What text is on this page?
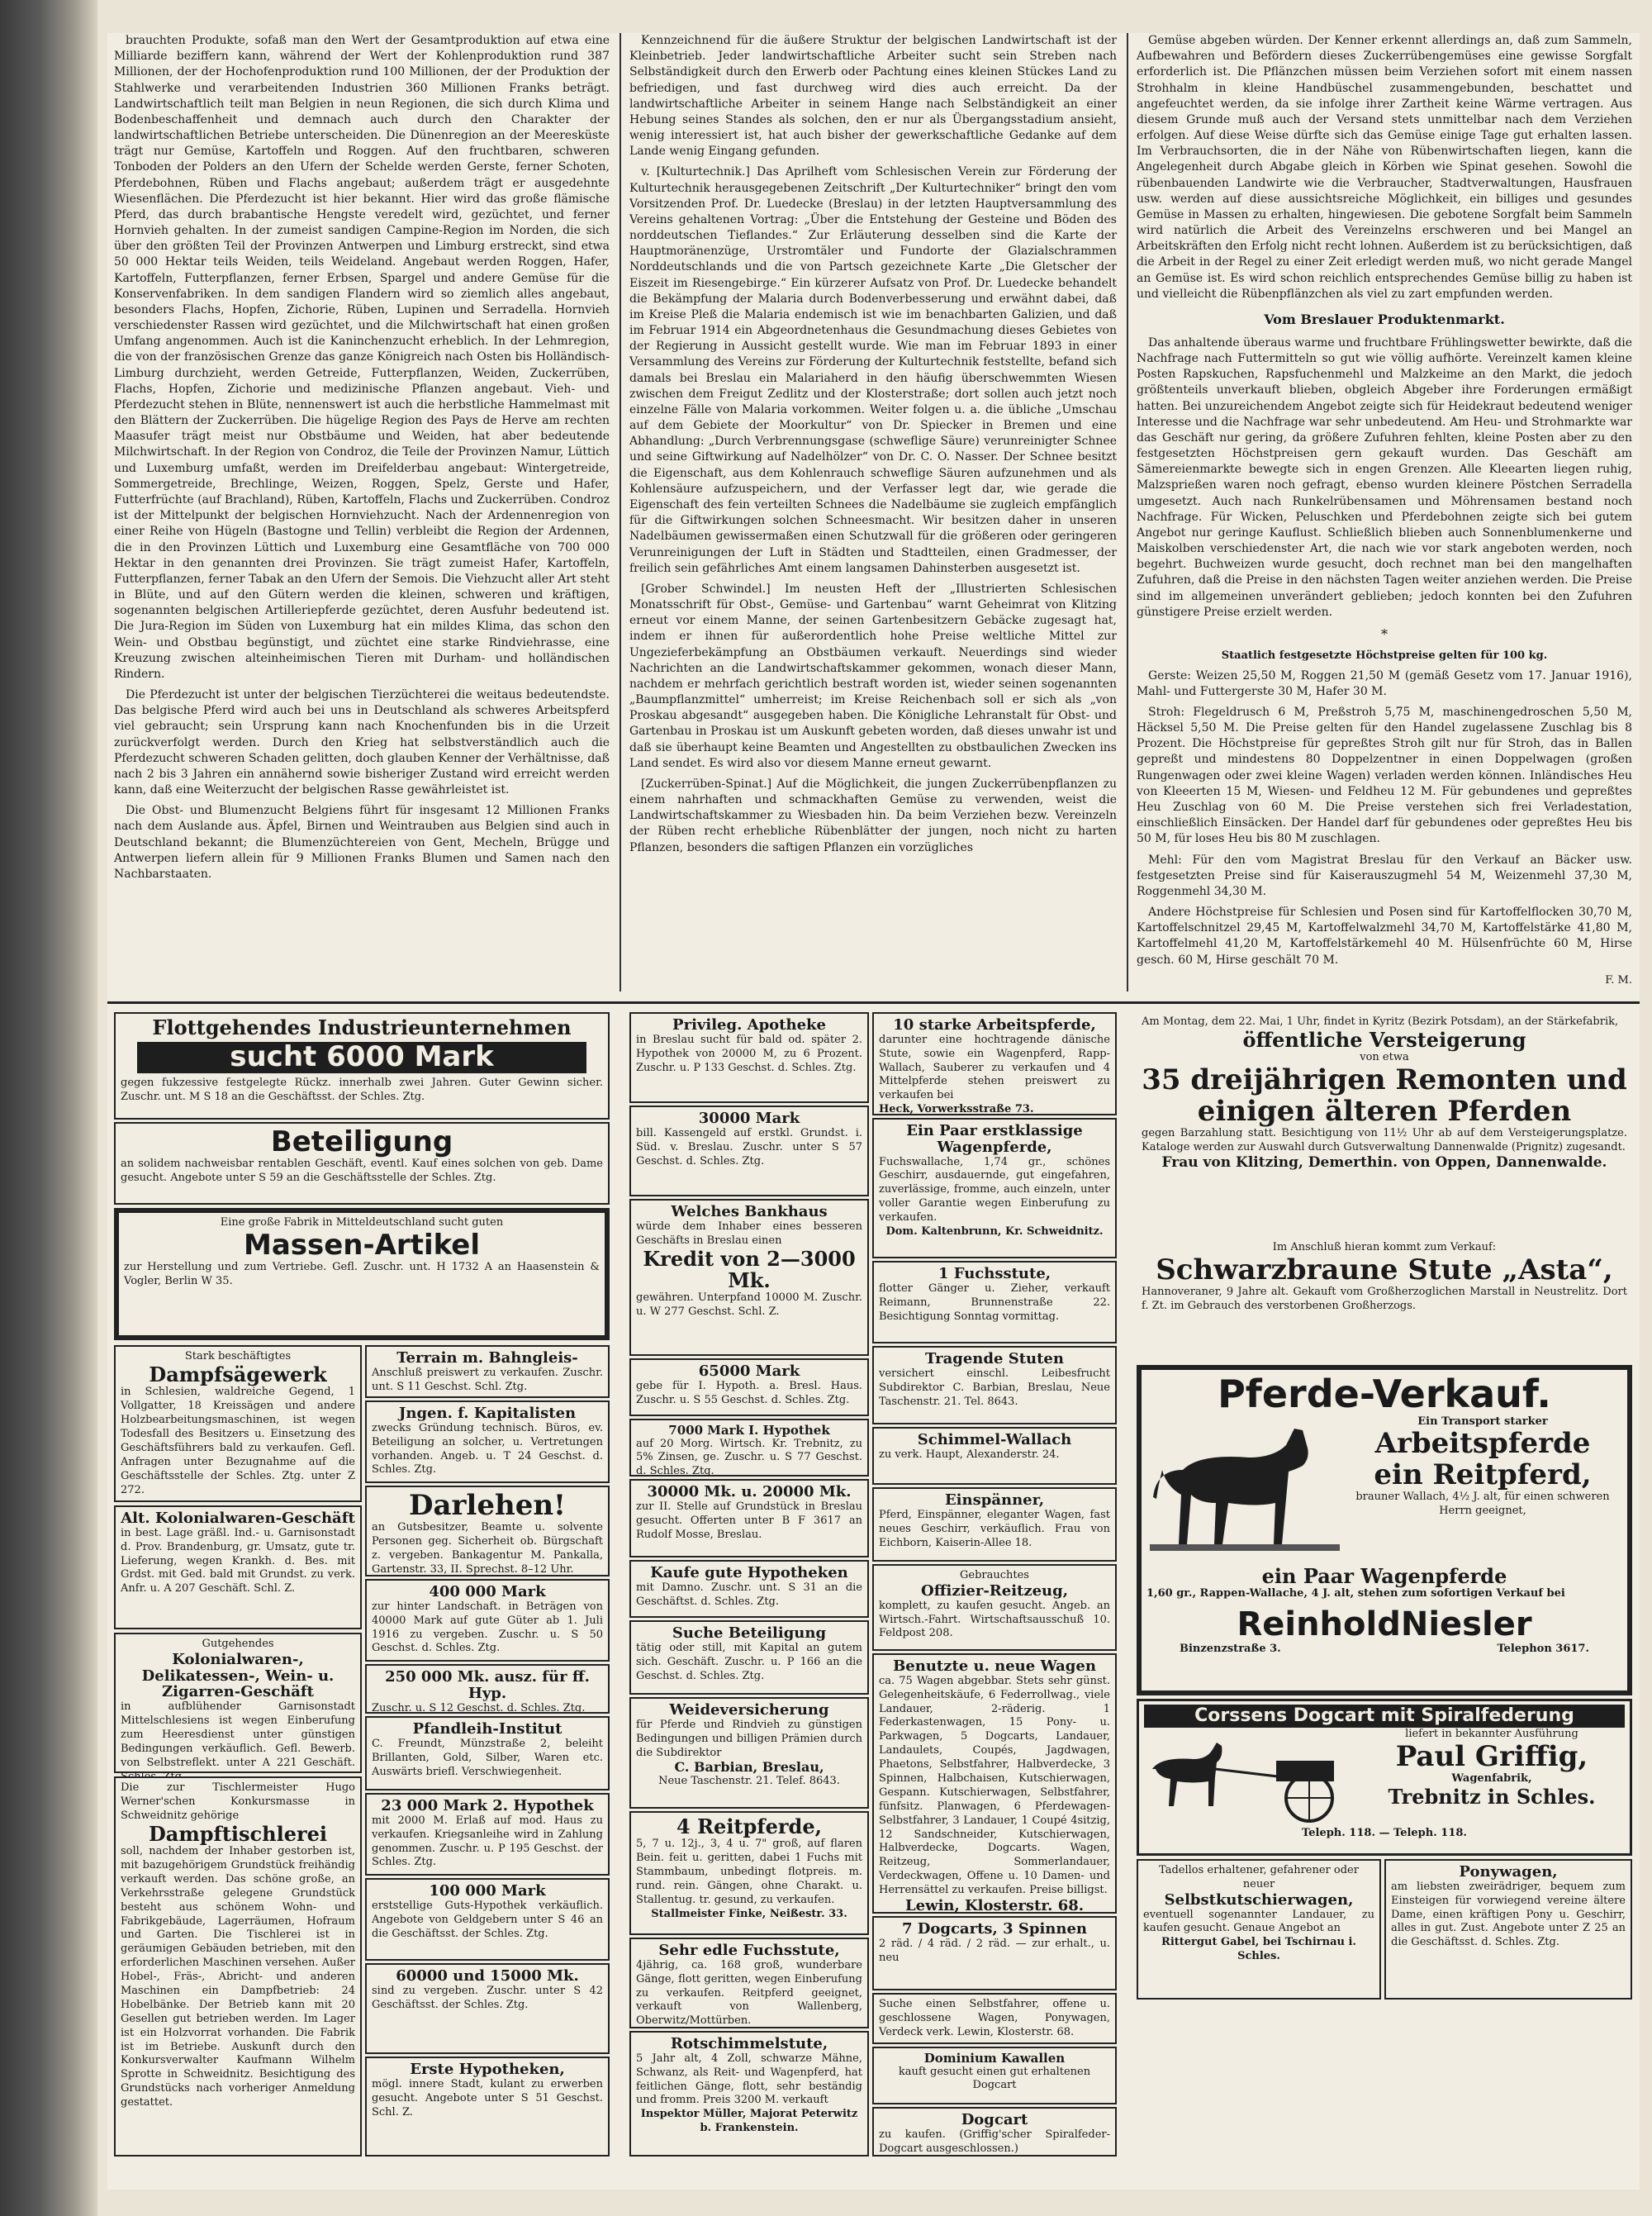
brauchten Produkte, sofaß man den Wert der Gesamtproduktion auf etwa eine Milliarde beziffern kann, während der Wert der Kohlenproduktion rund 387 Millionen, der der Hochofenproduktion rund 100 Millionen, der der Produktion der Stahlwerke und verarbeitenden Industrien 360 Millionen Franks beträgt. Landwirtschaftlich teilt man Belgien in neun Regionen, die sich durch Klima und Bodenbeschaffenheit und demnach auch durch den Charakter der landwirtschaftlichen Betriebe unterscheiden. Die Dünenregion an der Meeresküste trägt nur Gemüse, Kartoffeln und Roggen. Auf den fruchtbaren, schweren Tonboden der Polders an den Ufern der Schelde werden Gerste, ferner Schoten, Pferdebohnen, Rüben und Flachs angebaut; außerdem trägt er ausgedehnte Wiesenflächen. Die Pferdezucht ist hier bekannt. Hier wird das große flämische Pferd, das durch brabantische Hengste veredelt wird, gezüchtet, und ferner Hornvieh gehalten. In der zumeist sandigen Campine-Region im Norden, die sich über den größten Teil der Provinzen Antwerpen und Limburg erstreckt, sind etwa 50 000 Hektar teils Weiden, teils Weideland. Angebaut werden Roggen, Hafer, Kartoffeln, Futterpflanzen, ferner Erbsen, Spargel und andere Gemüse für die Konservenfabriken. In dem sandigen Flandern wird so ziemlich alles angebaut, besonders Flachs, Hopfen, Zichorie, Rüben, Lupinen und Serradella. Hornvieh verschiedenster Rassen wird gezüchtet, und die Milchwirtschaft hat einen großen Umfang angenommen. Auch ist die Kaninchenzucht erheblich. In der Lehmregion, die von der französischen Grenze das ganze Königreich nach Osten bis Holländisch-Limburg durchzieht, werden Getreide, Futterpflanzen, Weiden, Zuckerrüben, Flachs, Hopfen, Zichorie und medizinische Pflanzen angebaut. Vieh- und Pferdezucht stehen in Blüte, nennenswert ist auch die herbstliche Hammelmast mit den Blättern der Zuckerrüben. Die hügelige Region des Pays de Herve am rechten Maasufer trägt meist nur Obstbäume und Weiden, hat aber bedeutende Milchwirtschaft. In der Region von Condroz, die Teile der Provinzen Namur, Lüttich und Luxemburg umfaßt, werden im Dreifelderbau angebaut: Wintergetreide, Sommergetreide, Brechlinge, Weizen, Roggen, Spelz, Gerste und Hafer, Futterfrüchte (auf Brachland), Rüben, Kartoffeln, Flachs und Zuckerrüben. Condroz ist der Mittelpunkt der belgischen Hornviehzucht. Nach der Ardennenregion von einer Reihe von Hügeln (Bastogne und Tellin) verbleibt die Region der Ardennen, die in den Provinzen Lüttich und Luxemburg eine Gesamtfläche von 700 000 Hektar in den genannten drei Provinzen. Sie trägt zumeist Hafer, Kartoffeln, Futterpflanzen, ferner Tabak an den Ufern der Semois. Die Viehzucht aller Art steht in Blüte, und auf den Gütern werden die kleinen, schweren und kräftigen, sogenannten belgischen Artilleriepferde gezüchtet, deren Ausfuhr bedeutend ist. Die Jura-Region im Süden von Luxemburg hat ein mildes Klima, das schon den Wein- und Obstbau begünstigt, und züchtet eine starke Rindviehrasse, eine Kreuzung zwischen alteinheimischen Tieren mit Durham- und holländischen Rindern.

Die Pferdezucht ist unter der belgischen Tierzüchterei die weitaus bedeutendste. Das belgische Pferd wird auch bei uns in Deutschland als schweres Arbeitspferd viel gebraucht; sein Ursprung kann nach Knochenfunden bis in die Urzeit zurückverfolgt werden. Durch den Krieg hat selbstverständlich auch die Pferdezucht schweren Schaden gelitten, doch glauben Kenner der Verhältnisse, daß nach 2 bis 3 Jahren ein annähernd sowie bisheriger Zustand wird erreicht werden kann, daß eine Weiterzucht der belgischen Rasse gewährleistet ist.

Die Obst- und Blumenzucht Belgiens führt für insgesamt 12 Millionen Franks nach dem Auslande aus. Äpfel, Birnen und Weintrauben aus Belgien sind auch in Deutschland bekannt; die Blumenzüchtereien von Gent, Mecheln, Brügge und Antwerpen liefern allein für 9 Millionen Franks Blumen und Samen nach den Nachbarstaaten.

Kennzeichnend für die äußere Struktur der belgischen Landwirtschaft ist der Kleinbetrieb. Jeder landwirtschaftliche Arbeiter sucht sein Streben nach Selbständigkeit durch den Erwerb oder Pachtung eines kleinen Stückes Land zu befriedigen, und fast durchweg wird dies auch erreicht. Da der landwirtschaftliche Arbeiter in seinem Hange nach Selbständigkeit an einer Hebung seines Standes als solchen, den er nur als Übergangsstadium ansieht, wenig interessiert ist, hat auch bisher der gewerkschaftliche Gedanke auf dem Lande wenig Eingang gefunden.

v. [Kulturtechnik.] Das Aprilheft vom Schlesischen Verein zur Förderung der Kulturtechnik herausgegebenen Zeitschrift „Der Kulturtechniker“ bringt den vom Vorsitzenden Prof. Dr. Luedecke (Breslau) in der letzten Hauptversammlung des Vereins gehaltenen Vortrag: „Über die Entstehung der Gesteine und Böden des norddeutschen Tieflandes.“ Zur Erläuterung desselben sind die Karte der Hauptmoränenzüge, Urstromtäler und Fundorte der Glazialschrammen Norddeutschlands und die von Partsch gezeichnete Karte „Die Gletscher der Eiszeit im Riesengebirge.“ Ein kürzerer Aufsatz von Prof. Dr. Luedecke behandelt die Bekämpfung der Malaria durch Bodenverbesserung und erwähnt dabei, daß im Kreise Pleß die Malaria endemisch ist wie im benachbarten Galizien, und daß im Februar 1914 ein Abgeordnetenhaus die Gesundmachung dieses Gebietes von der Regierung in Aussicht gestellt wurde. Wie man im Februar 1893 in einer Versammlung des Vereins zur Förderung der Kulturtechnik feststellte, befand sich damals bei Breslau ein Malariaherd in den häufig überschwemmten Wiesen zwischen dem Freigut Zedlitz und der Klosterstraße; dort sollen auch jetzt noch einzelne Fälle von Malaria vorkommen. Weiter folgen u. a. die übliche „Umschau auf dem Gebiete der Moorkultur“ von Dr. Spiecker in Bremen und eine Abhandlung: „Durch Verbrennungsgase (schweflige Säure) verunreinigter Schnee und seine Giftwirkung auf Nadelhölzer“ von Dr. C. O. Nasser. Der Schnee besitzt die Eigenschaft, aus dem Kohlenrauch schweflige Säuren aufzunehmen und als Kohlensäure aufzuspeichern, und der Verfasser legt dar, wie gerade die Eigenschaft des fein verteilten Schnees die Nadelbäume sie zugleich empfänglich für die Giftwirkungen solchen Schneesmacht. Wir besitzen daher in unseren Nadelbäumen gewissermaßen einen Schutzwall für die größeren oder geringeren Verunreinigungen der Luft in Städten und Stadtteilen, einen Gradmesser, der freilich sein gefährliches Amt einem langsamen Dahinsterben ausgesetzt ist.

[Grober Schwindel.] Im neusten Heft der „Illustrierten Schlesischen Monatsschrift für Obst-, Gemüse- und Gartenbau“ warnt Geheimrat von Klitzing erneut vor einem Manne, der seinen Gartenbesitzern Gebäcke zugesagt hat, indem er ihnen für außerordentlich hohe Preise weltliche Mittel zur Ungezieferbekämpfung an Obstbäumen verkauft. Neuerdings sind wieder Nachrichten an die Landwirtschaftskammer gekommen, wonach dieser Mann, nachdem er mehrfach gerichtlich bestraft worden ist, wieder seinen sogenannten „Baumpflanzmittel“ umherreist; im Kreise Reichenbach soll er sich als „von Proskau abgesandt“ ausgegeben haben. Die Königliche Lehranstalt für Obst- und Gartenbau in Proskau ist um Auskunft gebeten worden, daß dieses unwahr ist und daß sie überhaupt keine Beamten und Angestellten zu obstbaulichen Zwecken ins Land sendet. Es wird also vor diesem Manne erneut gewarnt.

[Zuckerrüben-Spinat.] Auf die Möglichkeit, die jungen Zuckerrübenpflanzen zu einem nahrhaften und schmackhaften Gemüse zu verwenden, weist die Landwirtschaftskammer zu Wiesbaden hin. Da beim Verziehen bezw. Vereinzeln der Rüben recht erhebliche Rübenblätter der jungen, noch nicht zu harten Pflanzen, besonders die saftigen Pflanzen ein vorzügliches

Gemüse abgeben würden. Der Kenner erkennt allerdings an, daß zum Sammeln, Aufbewahren und Befördern dieses Zuckerrübengemüses eine gewisse Sorgfalt erforderlich ist. Die Pflänzchen müssen beim Verziehen sofort mit einem nassen Strohhalm in kleine Handbüschel zusammengebunden, beschattet und angefeuchtet werden, da sie infolge ihrer Zartheit keine Wärme vertragen. Aus diesem Grunde muß auch der Versand stets unmittelbar nach dem Verziehen erfolgen. Auf diese Weise dürfte sich das Gemüse einige Tage gut erhalten lassen. Im Verbrauchsorten, die in der Nähe von Rübenwirtschaften liegen, kann die Angelegenheit durch Abgabe gleich in Körben wie Spinat gesehen. Sowohl die rübenbauenden Landwirte wie die Verbraucher, Stadtverwaltungen, Hausfrauen usw. werden auf diese aussichtsreiche Möglichkeit, ein billiges und gesundes Gemüse in Massen zu erhalten, hingewiesen. Die gebotene Sorgfalt beim Sammeln wird natürlich die Arbeit des Vereinzelns erschweren und bei Mangel an Arbeitskräften den Erfolg nicht recht lohnen. Außerdem ist zu berücksichtigen, daß die Arbeit in der Regel zu einer Zeit erledigt werden muß, wo nicht gerade Mangel an Gemüse ist. Es wird schon reichlich entsprechendes Gemüse billig zu haben ist und vielleicht die Rübenpflänzchen als viel zu zart empfunden werden.

Vom Breslauer Produktenmarkt.

Das anhaltende überaus warme und fruchtbare Frühlingswetter bewirkte, daß die Nachfrage nach Futtermitteln so gut wie völlig aufhörte. Vereinzelt kamen kleine Posten Rapskuchen, Rapsfuchenmehl und Malzkeime an den Markt, die jedoch größtenteils unverkauft blieben, obgleich Abgeber ihre Forderungen ermäßigt hatten. Bei unzureichendem Angebot zeigte sich für Heidekraut bedeutend weniger Interesse und die Nachfrage war sehr unbedeutend. Am Heu- und Strohmarkte war das Geschäft nur gering, da größere Zufuhren fehlten, kleine Posten aber zu den festgesetzten Höchstpreisen gern gekauft wurden. Das Geschäft am Sämereienmarkte bewegte sich in engen Grenzen. Alle Kleearten liegen ruhig, Malzsprießen waren noch gefragt, ebenso wurden kleinere Pöstchen Serradella umgesetzt. Auch nach Runkelrübensamen und Möhrensamen bestand noch Nachfrage. Für Wicken, Peluschken und Pferdebohnen zeigte sich bei gutem Angebot nur geringe Kauflust. Schließlich blieben auch Sonnenblumenkerne und Maiskolben verschiedenster Art, die nach wie vor stark angeboten werden, noch begehrt. Buchweizen wurde gesucht, doch rechnet man bei den mangelhaften Zufuhren, daß die Preise in den nächsten Tagen weiter anziehen werden. Die Preise sind im allgemeinen unverändert geblieben; jedoch konnten bei den Zufuhren günstigere Preise erzielt werden.

*
Staatlich festgesetzte Höchstpreise gelten für 100 kg.

Gerste: Weizen 25,50 M, Roggen 21,50 M (gemäß Gesetz vom 17. Januar 1916), Mahl- und Futtergerste 30 M, Hafer 30 M.

Stroh: Flegeldrusch 6 M, Preßstroh 5,75 M, maschinengedroschen 5,50 M, Häcksel 5,50 M. Die Preise gelten für den Handel zugelassene Zuschlag bis 8 Prozent. Die Höchstpreise für gepreßtes Stroh gilt nur für Stroh, das in Ballen gepreßt und mindestens 80 Doppelzentner in einen Doppelwagen (großen Rungenwagen oder zwei kleine Wagen) verladen werden können. Inländisches Heu von Kleeerten 15 M, Wiesen- und Feldheu 12 M. Für gebundenes und gepreßtes Heu Zuschlag von 60 M. Die Preise verstehen sich frei Verladestation, einschließlich Einsäcken. Der Handel darf für gebundenes oder gepreßtes Heu bis 50 M, für loses Heu bis 80 M zuschlagen.

Mehl: Für den vom Magistrat Breslau für den Verkauf an Bäcker usw. festgesetzten Preise sind für Kaiserauszugmehl 54 M, Weizenmehl 37,30 M, Roggenmehl 34,30 M.

Andere Höchstpreise für Schlesien und Posen sind für Kartoffelflocken 30,70 M, Kartoffelschnitzel 29,45 M, Kartoffelwalzmehl 34,70 M, Kartoffelstärke 41,80 M, Kartoffelmehl 41,20 M, Kartoffelstärkemehl 40 M. Hülsenfrüchte 60 M, Hirse gesch. 60 M, Hirse geschält 70 M.

F. M.
Flottgehendes Industrieunternehmen
sucht 6000 Mark
gegen fukzessive festgelegte Rückz. innerhalb zwei Jahren. Guter Gewinn sicher. Zuschr. unt. M S 18 an die Geschäftsst. der Schles. Ztg.
Beteiligung
an solidem nachweisbar rentablen Geschäft, eventl. Kauf eines solchen von geb. Dame gesucht. Angebote unter S 59 an die Geschäftsstelle der Schles. Ztg.
Eine große Fabrik in Mitteldeutschland sucht guten
Massen-Artikel
zur Herstellung und zum Vertriebe. Gefl. Zuschr. unt. H 1732 A an Haasenstein & Vogler, Berlin W 35.
Stark beschäftigtes
Dampfsägewerk
in Schlesien, waldreiche Gegend, 1 Vollgatter, 18 Kreissägen und andere Holzbearbeitungsmaschinen, ist wegen Todesfall des Besitzers u. Einsetzung des Geschäftsführers bald zu verkaufen. Gefl. Anfragen unter Bezugnahme auf die Geschäftsstelle der Schles. Ztg. unter Z 272.
Alt. Kolonialwaren-Geschäft
in best. Lage gräßl. Ind.- u. Garnisonstadt d. Prov. Brandenburg, gr. Umsatz, gute tr. Lieferung, wegen Krankh. d. Bes. mit Grdst. mit Ged. bald mit Grundst. zu verk. Anfr. u. A 207 Geschäft. Schl. Z.
Gutgehendes
Kolonialwaren-, Delikatessen-, Wein- u. Zigarren-Geschäft
in aufblühender Garnisonstadt Mittelschlesiens ist wegen Einberufung zum Heeresdienst unter günstigen Bedingungen verkäuflich. Gefl. Bewerb. von Selbstreflekt. unter A 221 Geschäft.
Die zur Tischlermeister Hugo Werner'schen Konkursmasse in Schweidnitz gehörige
Dampftischlerei
soll, nachdem der Inhaber gestorben ist, mit bazugehörigem Grundstück freihändig verkauft werden. Das schöne große, an Verkehrsstraße gelegene Grundstück besteht aus schönem Wohn- und Fabrikgebäude, Lagerräumen, Hofraum und Garten. Die Tischlerei ist in geräumigen Gebäuden betrieben, mit den erforderlichen Maschinen versehen. Außer Hobel-, Fräs-, Abricht- und anderen Maschinen ein Dampfbetrieb: 24 Hobelbänke. Der Betrieb kann mit 20 Gesellen gut betrieben werden. Im Lager ist ein Holzvorrat vorhanden. Die Fabrik ist im Betriebe. Auskunft durch den Konkursverwalter Kaufmann Wilhelm Sprotte in Schweidnitz. Besichtigung des Grundstücks nach vorheriger Anmeldung gestattet.
Terrain m. Bahngleis-
Anschluß preiswert zu verkaufen. Zuschr. unt. S 11 Geschst. Schl. Ztg.
Jngen. f. Kapitalisten
zwecks Gründung technisch. Büros, ev. Beteiligung an solcher, u. Vertretungen vorhanden. Angeb. u. T 24 Geschst. d. Schles. Ztg.
Darlehen!
an Gutsbesitzer, Beamte u. solvente Personen geg. Sicherheit ob. Bürgschaft z. vergeben. Bankagentur M. Pankalla, Gartenstr. 33, II. Sprechst. 8–12 Uhr.
400 000 Mark
zur hinter Landschaft. in Beträgen von 40000 Mark auf gute Güter ab 1. Juli 1916 zu vergeben. Zuschr. u. S 50 Geschst. d. Schles. Ztg.
250 000 Mk. ausz. für ff. Hyp.
Zuschr. u. S 12 Geschst. d. Schles. Ztg.
Pfandleih-Institut
C. Freundt, Münzstraße 2, beleiht Brillanten, Gold, Silber, Waren etc. Auswärts briefl. Verschwiegenheit.
23 000 Mark 2. Hypothek
mit 2000 M. Erlaß auf mod. Haus zu verkaufen. Kriegsanleihe wird in Zahlung genommen. Zuschr. u. P 195 Geschst. der Schles. Ztg.
100 000 Mark
erststellige Guts-Hypothek verkäuflich. Angebote von Geldgebern unter S 46 an die Geschäftsst. der Schles. Ztg.
60000 und 15000 Mk.
sind zu vergeben. Zuschr. unter S 42 Geschäftsst. der Schles. Ztg.
Erste Hypotheken,
mögl. innere Stadt, kulant zu erwerben gesucht. Angebote unter S 51 Geschst. Schl. Z.
Privileg. Apotheke
in Breslau sucht für bald od. später 2. Hypothek von 20000 M, zu 6 Prozent. Zuschr. u. P 133 Geschst. d. Schles. Ztg.
30000 Mark
bill. Kassengeld auf erstkl. Grundst. i. Süd. v. Breslau. Zuschr. unter S 57 Geschst. d. Schles. Ztg.
Welches Bankhaus
würde dem Inhaber eines besseren Geschäfts in Breslau einen
Kredit von 2—3000 Mk.
gewähren. Unterpfand 10000 M. Zuschr. u. W 277 Geschst. Schl. Z.
65000 Mark
gebe für I. Hypoth. a. Bresl. Haus. Zuschr. u. S 55 Geschst. d. Schles. Ztg.
7000 Mark I. Hypothek
auf 20 Morg. Wirtsch. Kr. Trebnitz, zu 5% Zinsen, ge. Zuschr. u. S 77 Geschst. d. Schles. Ztg.
30000 Mk. u. 20000 Mk.
zur II. Stelle auf Grundstück in Breslau gesucht. Offerten unter B F 3617 an Rudolf Mosse, Breslau.
Kaufe gute Hypotheken
mit Damno. Zuschr. unt. S 31 an die Geschäftst. d. Schles. Ztg.
Suche Beteiligung
tätig oder still, mit Kapital an gutem sich. Geschäft. Zuschr. u. P 166 an die Geschst. d. Schles. Ztg.
Weideversicherung
für Pferde und Rindvieh zu günstigen Bedingungen und billigen Prämien durch die Subdirektor
C. Barbian, Breslau,
Neue Taschenstr. 21. Telef. 8643.
4 Reitpferde,
5, 7 u. 12j., 3, 4 u. 7" groß, auf flaren Bein. feit u. geritten, dabei 1 Fuchs mit Stammbaum, unbedingt flotpreis. m. rund. rein. Gängen, ohne Charakt. u. Stallentug. tr. gesund, zu verkaufen.
Stallmeister Finke, Neißestr. 33.
Sehr edle Fuchsstute,
4jährig, ca. 168 groß, wunderbare Gänge, flott geritten, wegen Einberufung zu verkaufen. Reitpferd geeignet, verkauft von Wallenberg, Oberwitz/Mottürben.
Rotschimmelstute,
5 Jahr alt, 4 Zoll, schwarze Mähne, Schwanz, als Reit- und Wagenpferd, hat feitlichen Gänge, flott, sehr beständig und fromm. Preis 3200 M. verkauft
Inspektor Müller, Majorat Peterwitz b. Frankenstein.
10 starke Arbeitspferde,
darunter eine hochtragende dänische Stute, sowie ein Wagenpferd, Rapp-Wallach, Sauberer zu verkaufen und 4 Mittelpferde stehen preiswert zu verkaufen bei
Heck, Vorwerksstraße 73.
Ein Paar erstklassige Wagenpferde,
Fuchswallache, 1,74 gr., schönes Geschirr, ausdauernde, gut eingefahren, zuverlässige, fromme, auch einzeln, unter voller Garantie wegen Einberufung zu verkaufen.
Dom. Kaltenbrunn, Kr. Schweidnitz.
1 Fuchsstute,
flotter Gänger u. Zieher, verkauft Reimann, Brunnenstraße 22. Besichtigung Sonntag vormittag.
Tragende Stuten
versichert einschl. Leibesfrucht Subdirektor C. Barbian, Breslau, Neue Taschenstr. 21. Tel. 8643.
Schimmel-Wallach
zu verk. Haupt, Alexanderstr. 24.
Einspänner,
Pferd, Einspänner, eleganter Wagen, fast neues Geschirr, verkäuflich. Frau von Eichborn, Kaiserin-Allee 18.
Gebrauchtes
Offizier-Reitzeug,
komplett, zu kaufen gesucht. Angeb. an Wirtsch.-Fahrt. Wirtschaftsausschuß 10. Feldpost 208.
Benutzte u. neue Wagen
ca. 75 Wagen abgebbar. Stets sehr günst. Gelegenheitskäufe, 6 Federrollwag., viele Landauer, 2-räderig. 1 Federkastenwagen, 15 Pony- u. Parkwagen, 5 Dogcarts, Landauer, Landaulets, Coupés, Jagdwagen, Phaetons, Selbstfahrer, Halbverdecke, 3 Spinnen, Halbchaisen, Kutschierwagen, Gespann. Kutschierwagen, Selbstfahrer, fünfsitz. Planwagen, 6 Pferdewagen-Selbstfahrer, 3 Landauer, 1 Coupé 4sitzig, 12 Sandschneider, Kutschierwagen, Halbverdecke, Dogcarts. Wagen, Reitzeug, Sommerlandauer, Verdeckwagen, Offene u. 10 Damen- und Herrensättel zu verkaufen. Preise billigst.
Lewin, Klosterstr. 68.
7 Dogcarts, 3 Spinnen
2 räd. / 4 räd. / 2 räd. — zur erhalt., u. neu
Suche einen Selbstfahrer, offene u. geschlossene Wagen, Ponywagen, Verdeck verk. Lewin, Klosterstr. 68.
Dominium Kawallen
kauft gesucht einen gut erhaltenen Dogcart
Dogcart
zu kaufen. (Griffig'scher Spiralfeder-Dogcart ausgeschlossen.)
Am Montag, dem 22. Mai, 1 Uhr, findet in Kyritz (Bezirk Potsdam), an der Stärkefabrik,
öffentliche Versteigerung
von etwa
35 dreijährigen Remonten und einigen älteren Pferden
gegen Barzahlung statt. Besichtigung von 11½ Uhr ab auf dem Versteigerungsplatze. Kataloge werden zur Auswahl durch Gutsverwaltung Dannenwalde (Prignitz) zugesandt.
Frau von Klitzing, Demerthin. von Oppen, Dannenwalde.
Im Anschluß hieran kommt zum Verkauf:
Schwarzbraune Stute „Asta“,
Hannoveraner, 9 Jahre alt. Gekauft vom Großherzoglichen Marstall in Neustrelitz. Dort f. Zt. im Gebrauch des verstorbenen Großherzogs.
Pferde-Verkauf.
Ein Transport starker
Arbeitspferde
ein Reitpferd,
brauner Wallach, 4½ J. alt, für einen schweren Herrn geeignet,
ein Paar Wagenpferde
1,60 gr., Rappen-Wallache, 4 J. alt, stehen zum sofortigen Verkauf bei
ReinholdNiesler
Binzenzstraße 3.	Telephon 3617.
Corssens Dogcart mit Spiralfederung
liefert in bekannter Ausführung
Paul Griffig,
Wagenfabrik,
Trebnitz in Schles.
Teleph. 118. — Teleph. 118.
Tadellos erhaltener, gefahrener oder neuer
Selbstkutschierwagen,
eventuell sogenannter Landauer, zu kaufen gesucht. Genaue Angebot an
Rittergut Gabel, bei Tschirnau i. Schles.
Ponywagen,
am liebsten zweirädriger, bequem zum Einsteigen für vorwiegend vereine ältere Dame, einen kräftigen Pony u. Geschirr, alles in gut. Zust. Angebote unter Z 25 an die Geschäftsst. d. Schles. Ztg.
